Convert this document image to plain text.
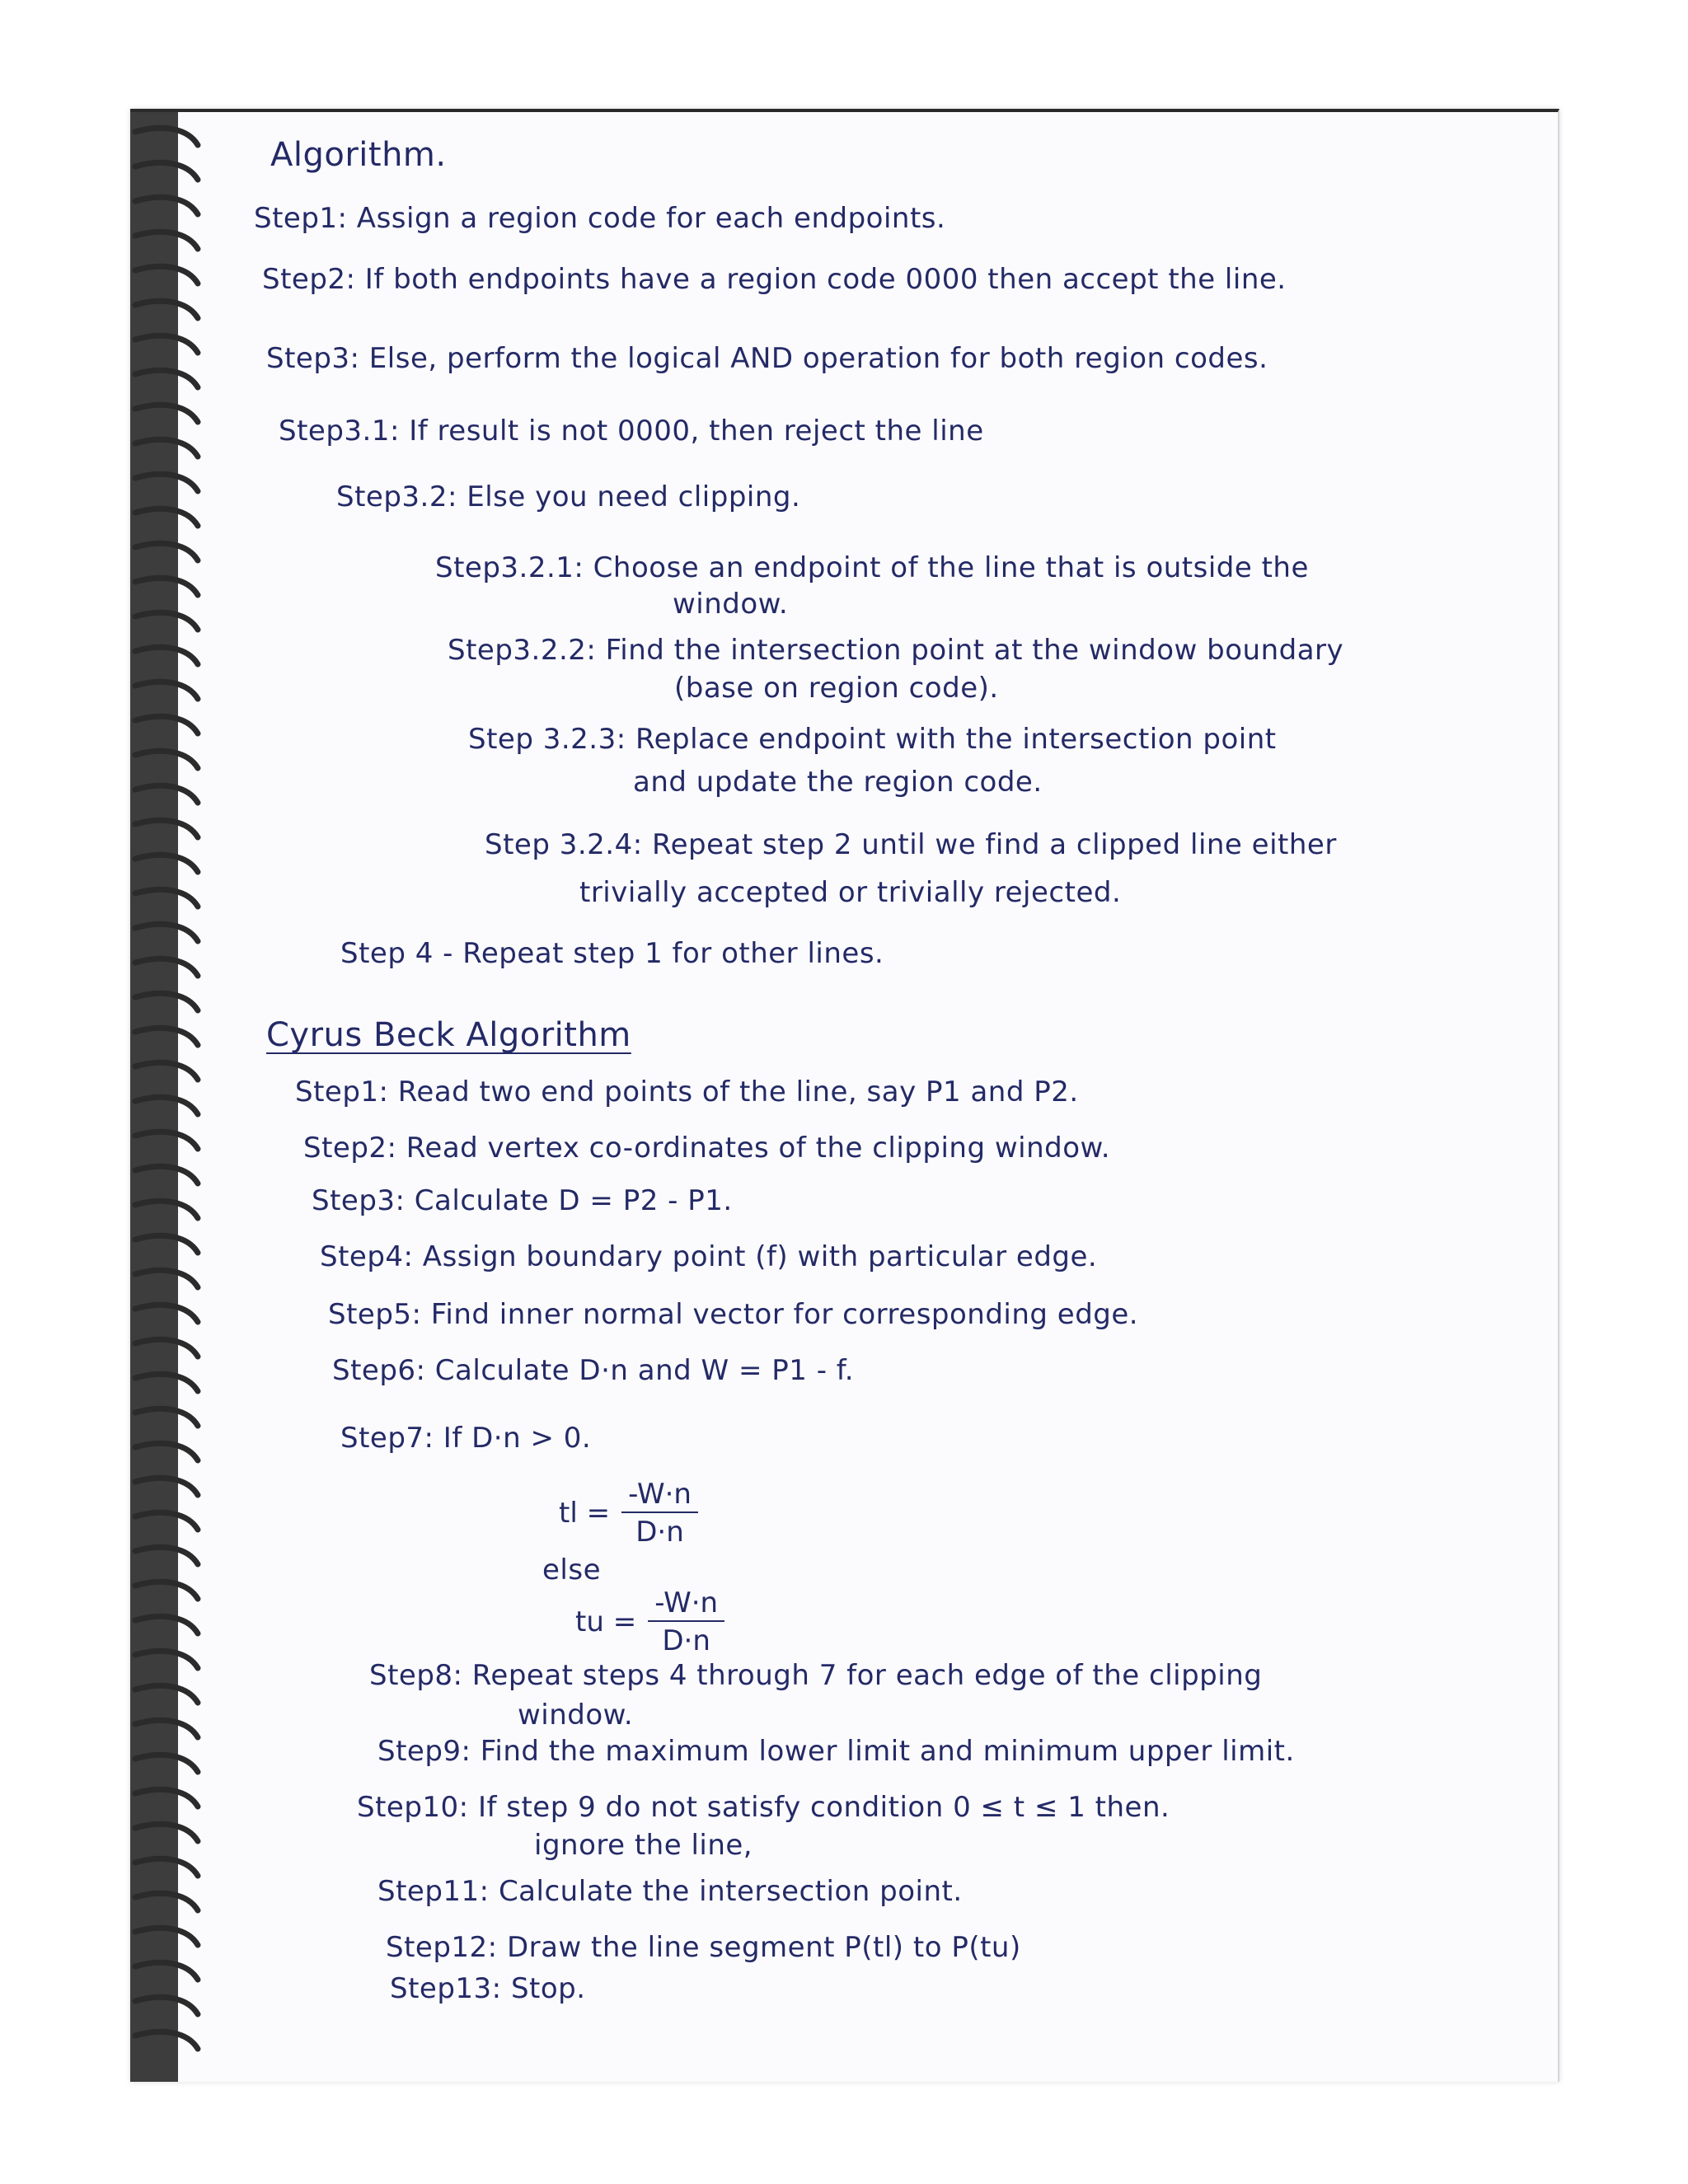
Algorithm.
Step1: Assign a region code for each endpoints.
Step2: If both endpoints have a region code 0000 then accept the line.
Step3: Else, perform the logical AND operation for both region codes.
Step3.1: If result is not 0000, then reject the line
Step3.2: Else you need clipping.
Step3.2.1: Choose an endpoint of the line that is outside the
window.
Step3.2.2: Find the intersection point at the window boundary
(base on region code).
Step 3.2.3: Replace endpoint with the intersection point
and update the region code.
Step 3.2.4: Repeat step 2 until we find a clipped line either
trivially accepted or trivially rejected.
Step 4 - Repeat step 1 for other lines.
Cyrus Beck Algorithm
Step1: Read two end points of the line, say P1 and P2.
Step2: Read vertex co-ordinates of the clipping window.
Step3: Calculate D = P2 - P1.
Step4: Assign boundary point (f) with particular edge.
Step5: Find inner normal vector for corresponding edge.
Step6: Calculate D·n and W = P1 - f.
Step7: If D·n > 0.
tl = $\frac{-W\cdot n}{D\cdot n}$
else
tu = $\frac{-W\cdot n}{D\cdot n}$
Step8: Repeat steps 4 through 7 for each edge of the clipping
window.
Step9: Find the maximum lower limit and minimum upper limit.
Step10: If step 9 do not satisfy condition 0 ≤ t ≤ 1 then.
ignore the line,
Step11: Calculate the intersection point.
Step12: Draw the line segment P(tl) to P(tu)
Step13: Stop.
